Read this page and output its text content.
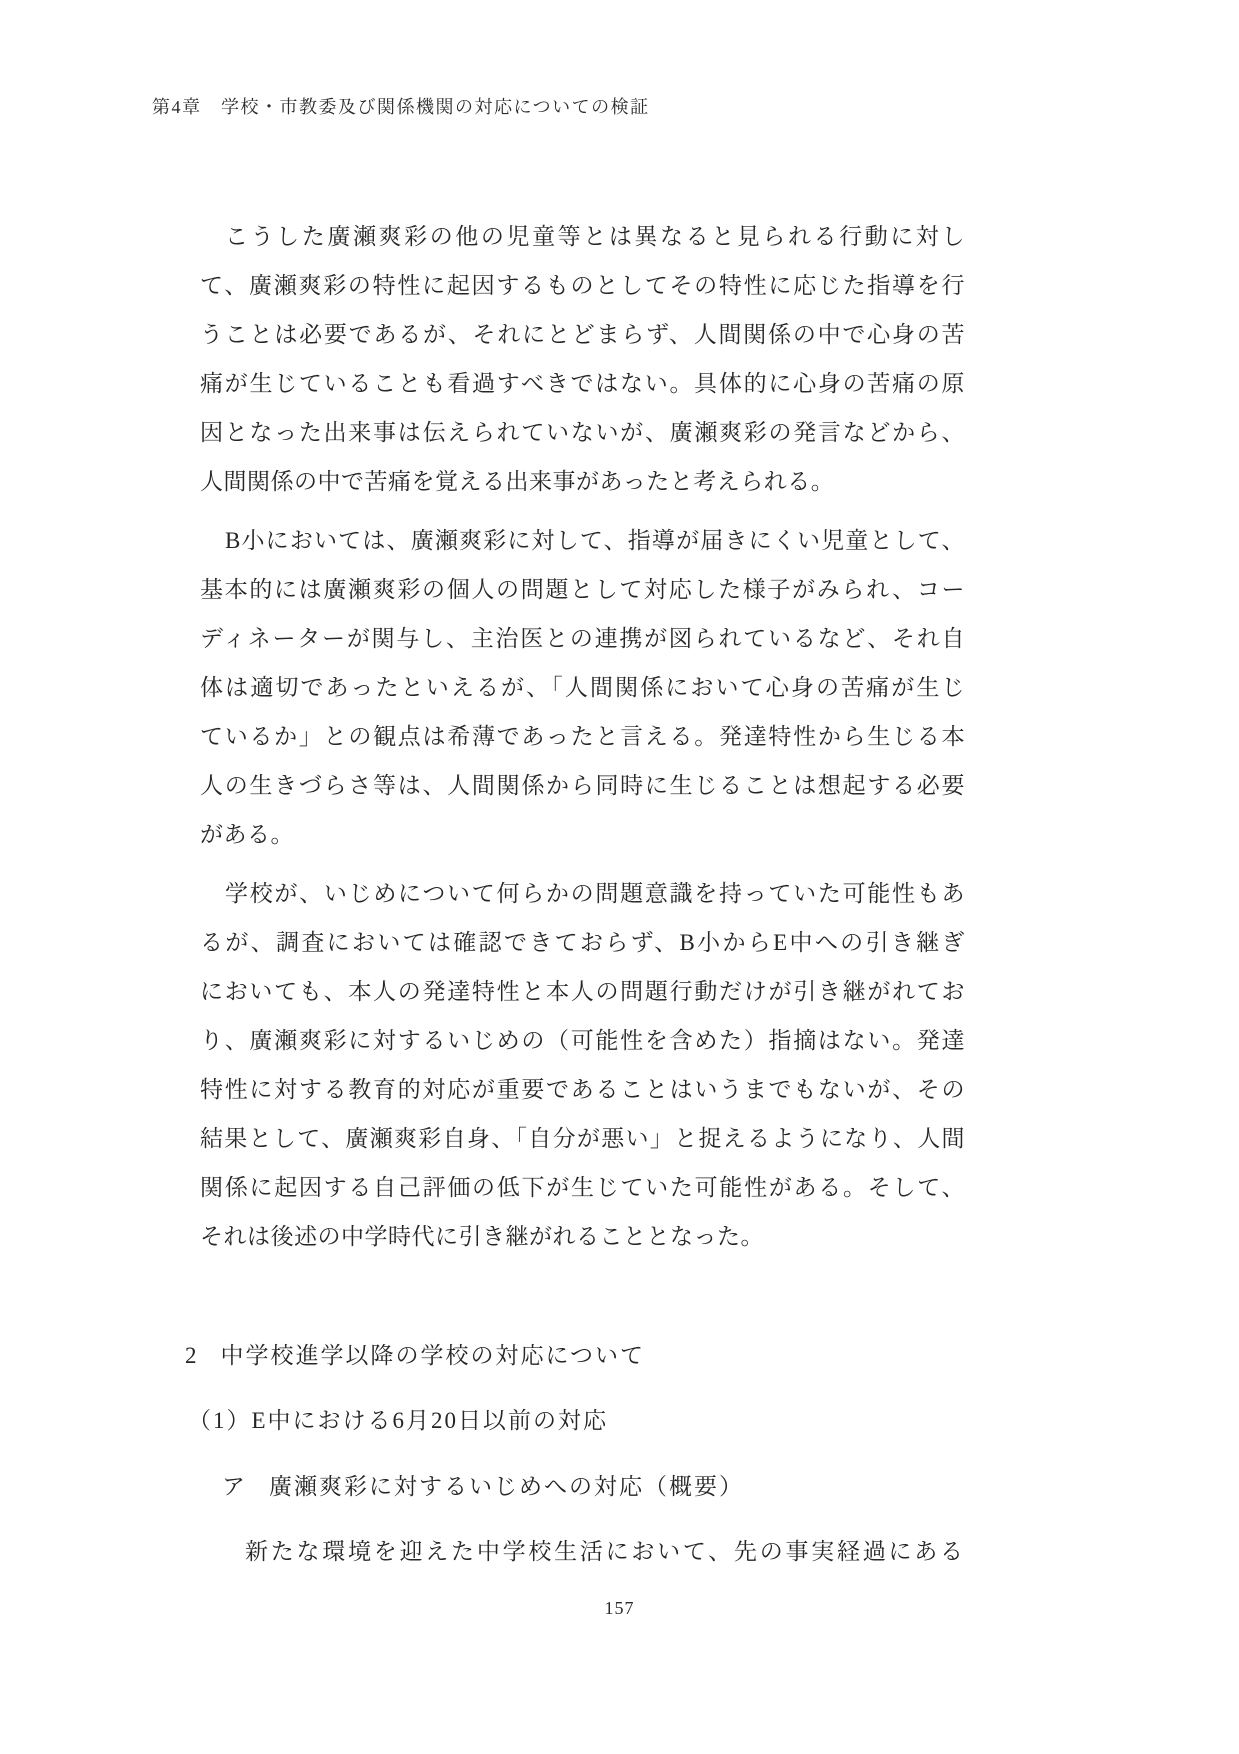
第4章　学校・市教委及び関係機関の対応についての検証
こうした廣瀬爽彩の他の児童等とは異なると見られる行動に対し
て、廣瀬爽彩の特性に起因するものとしてその特性に応じた指導を行
うことは必要であるが、それにとどまらず、人間関係の中で心身の苦
痛が生じていることも看過すべきではない。具体的に心身の苦痛の原
因となった出来事は伝えられていないが、廣瀬爽彩の発言などから、
人間関係の中で苦痛を覚える出来事があったと考えられる。
B小においては、廣瀬爽彩に対して、指導が届きにくい児童として、
基本的には廣瀬爽彩の個人の問題として対応した様子がみられ、コー
ディネーターが関与し、主治医との連携が図られているなど、それ自
体は適切であったといえるが、「人間関係において心身の苦痛が生じ
ているか」との観点は希薄であったと言える。発達特性から生じる本
人の生きづらさ等は、人間関係から同時に生じることは想起する必要
がある。
学校が、いじめについて何らかの問題意識を持っていた可能性もあ
るが、調査においては確認できておらず、B小からE中への引き継ぎ
においても、本人の発達特性と本人の問題行動だけが引き継がれてお
り、廣瀬爽彩に対するいじめの（可能性を含めた）指摘はない。発達
特性に対する教育的対応が重要であることはいうまでもないが、その
結果として、廣瀬爽彩自身、「自分が悪い」と捉えるようになり、人間
関係に起因する自己評価の低下が生じていた可能性がある。そして、
それは後述の中学時代に引き継がれることとなった。
2 中学校進学以降の学校の対応について
（1）E中における6月20日以前の対応
ア 廣瀬爽彩に対するいじめへの対応（概要）
新たな環境を迎えた中学校生活において、先の事実経過にある
157
